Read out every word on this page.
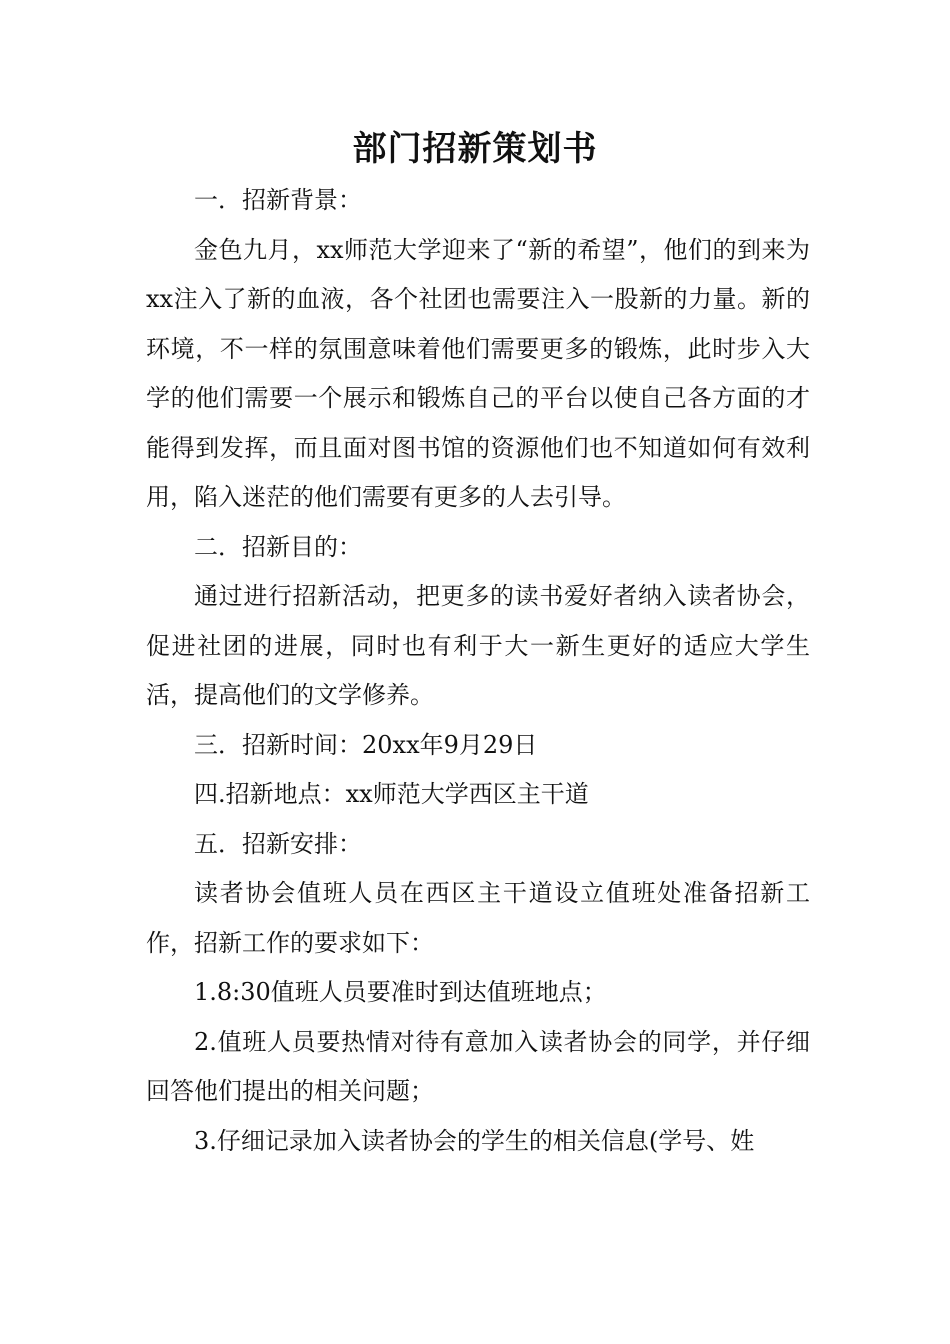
部门招新策划书

一．招新背景：

金色九月，xx师范大学迎来了“新的希望”，他们的到来为xx注入了新的血液，各个社团也需要注入一股新的力量。新的环境，不一样的氛围意味着他们需要更多的锻炼，此时步入大学的他们需要一个展示和锻炼自己的平台以使自己各方面的才能得到发挥，而且面对图书馆的资源他们也不知道如何有效利用，陷入迷茫的他们需要有更多的人去引导。

二．招新目的：

通过进行招新活动，把更多的读书爱好者纳入读者协会，促进社团的进展，同时也有利于大一新生更好的适应大学生活，提高他们的文学修养。

三．招新时间：20xx年9月29日

四.招新地点：xx师范大学西区主干道

五．招新安排：

读者协会值班人员在西区主干道设立值班处准备招新工作，招新工作的要求如下：

1.8:30值班人员要准时到达值班地点；

2.值班人员要热情对待有意加入读者协会的同学，并仔细回答他们提出的相关问题；

3.仔细记录加入读者协会的学生的相关信息(学号、姓
